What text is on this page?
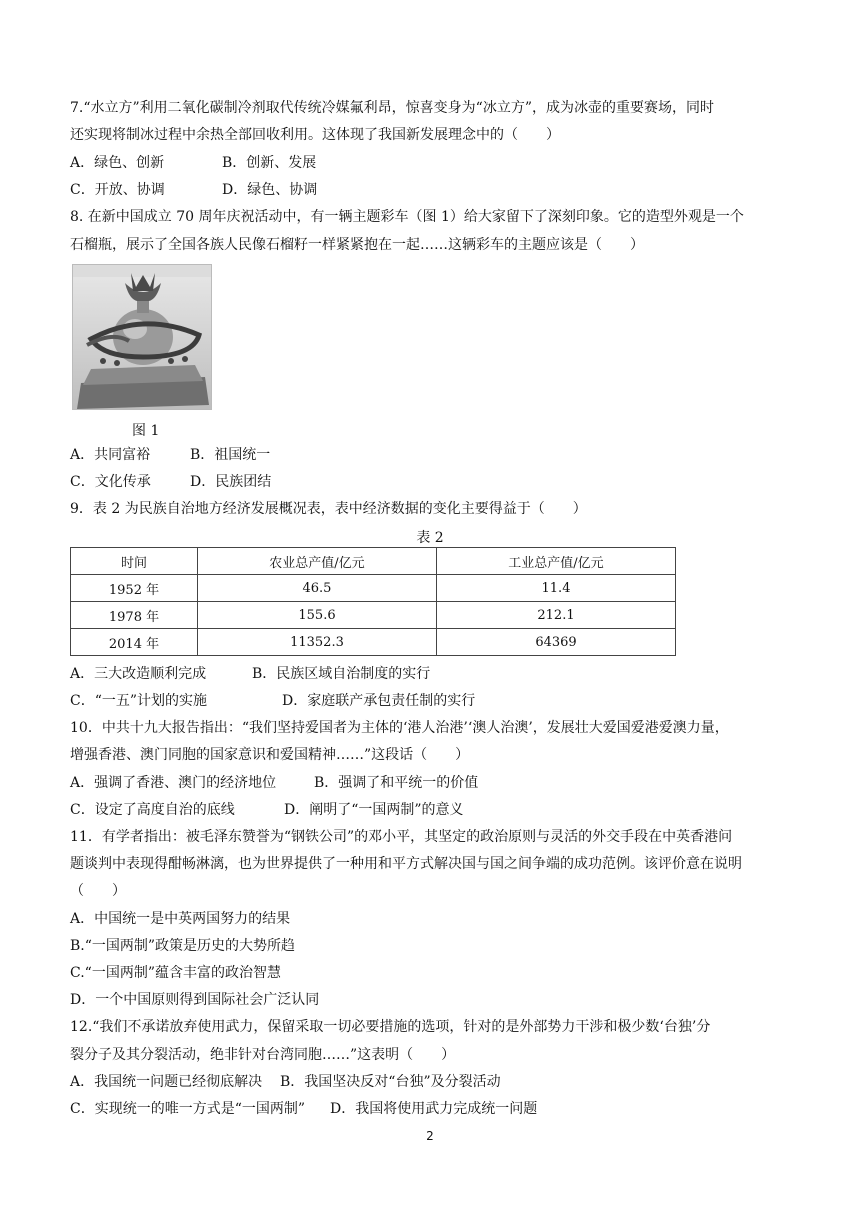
7.“水立方”利用二氧化碳制冷剂取代传统冷媒氟利昂，惊喜变身为“冰立方”，成为冰壶的重要赛场，同时
还实现将制冰过程中余热全部回收利用。这体现了我国新发展理念中的（　　）
A．绿色、创新	B．创新、发展
C．开放、协调	D．绿色、协调
8. 在新中国成立 70 周年庆祝活动中，有一辆主题彩车（图 1）给大家留下了深刻印象。它的造型外观是一个
石榴瓶，展示了全国各族人民像石榴籽一样紧紧抱在一起……这辆彩车的主题应该是（　　）
图 1
A．共同富裕	B．祖国统一
C．文化传承	D．民族团结
9．表 2 为民族自治地方经济发展概况表，表中经济数据的变化主要得益于（　　）
表 2
时间	农业总产值/亿元	工业总产值/亿元
1952 年	46.5	11.4
1978 年	155.6	212.1
2014 年	11352.3	64369
A．三大改造顺利完成	B．民族区域自治制度的实行
C．“一五”计划的实施	D．家庭联产承包责任制的实行
10．中共十九大报告指出：“我们坚持爱国者为主体的‘港人治港’‘澳人治澳’，发展壮大爱国爱港爱澳力量，
增强香港、澳门同胞的国家意识和爱国精神……”这段话（　　）
A．强调了香港、澳门的经济地位	B．强调了和平统一的价值
C．设定了高度自治的底线	D．阐明了“一国两制”的意义
11．有学者指出：被毛泽东赞誉为“钢铁公司”的邓小平，其坚定的政治原则与灵活的外交手段在中英香港问
题谈判中表现得酣畅淋漓，也为世界提供了一种用和平方式解决国与国之间争端的成功范例。该评价意在说明
（　　）
A．中国统一是中英两国努力的结果
B.“一国两制”政策是历史的大势所趋
C.“一国两制”蕴含丰富的政治智慧
D．一个中国原则得到国际社会广泛认同
12.“我们不承诺放弃使用武力，保留采取一切必要措施的选项，针对的是外部势力干涉和极少数‘台独’分
裂分子及其分裂活动，绝非针对台湾同胞……”这表明（　　）
A．我国统一问题已经彻底解决 B．我国坚决反对“台独”及分裂活动
C．实现统一的唯一方式是“一国两制” D．我国将使用武力完成统一问题
2
